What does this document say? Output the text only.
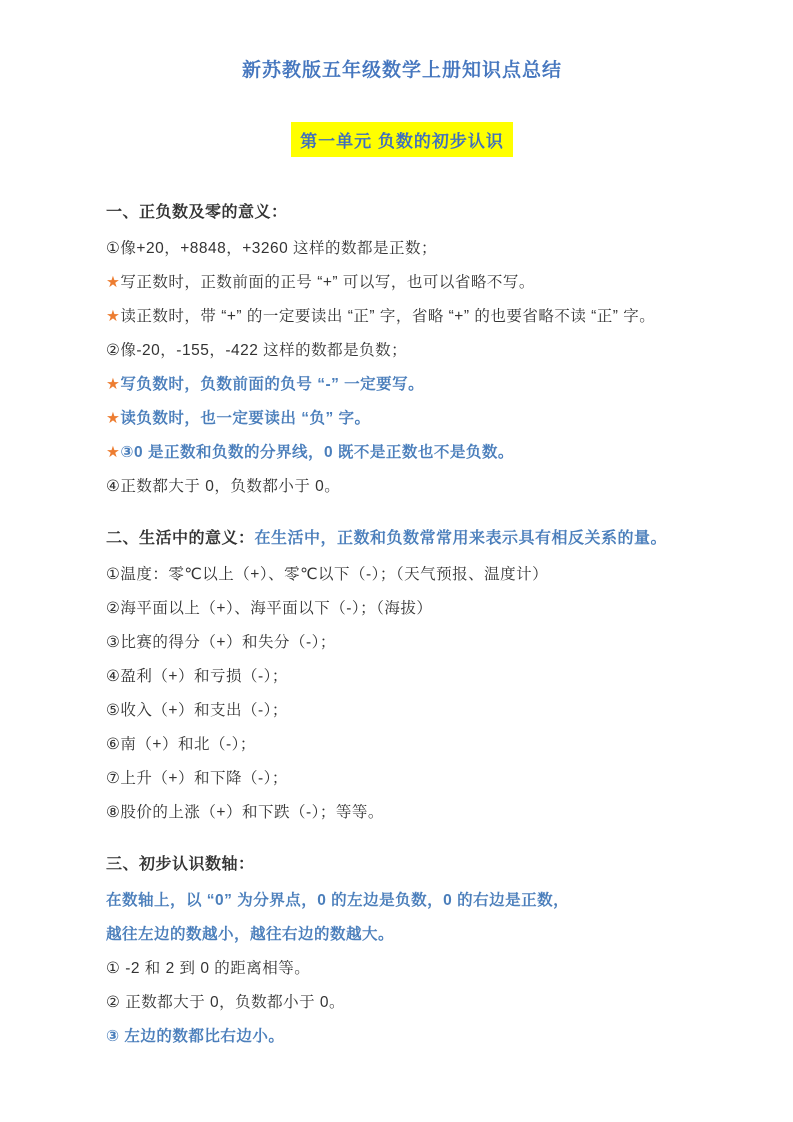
新苏教版五年级数学上册知识点总结
第一单元 负数的初步认识

一、正负数及零的意义：

①像+20，+8848，+3260 这样的数都是正数；

★写正数时，正数前面的正号 “+” 可以写，也可以省略不写。

★读正数时，带 “+” 的一定要读出 “正” 字，省略 “+” 的也要省略不读 “正” 字。

②像-20，-155，-422 这样的数都是负数；

★写负数时，负数前面的负号 “-” 一定要写。

★读负数时，也一定要读出 “负” 字。

★③0 是正数和负数的分界线，0 既不是正数也不是负数。

④正数都大于 0，负数都小于 0。

二、生活中的意义：在生活中，正数和负数常常用来表示具有相反关系的量。

①温度：零℃以上（+）、零℃以下（-）；（天气预报、温度计）

②海平面以上（+）、海平面以下（-）；（海拔）

③比赛的得分（+）和失分（-）；

④盈利（+）和亏损（-）；

⑤收入（+）和支出（-）；

⑥南（+）和北（-）；

⑦上升（+）和下降（-）；

⑧股价的上涨（+）和下跌（-）；等等。

三、初步认识数轴：

在数轴上，以 “0” 为分界点，0 的左边是负数，0 的右边是正数，

越往左边的数越小，越往右边的数越大。

① -2 和 2 到 0 的距离相等。

② 正数都大于 0，负数都小于 0。

③ 左边的数都比右边小。
